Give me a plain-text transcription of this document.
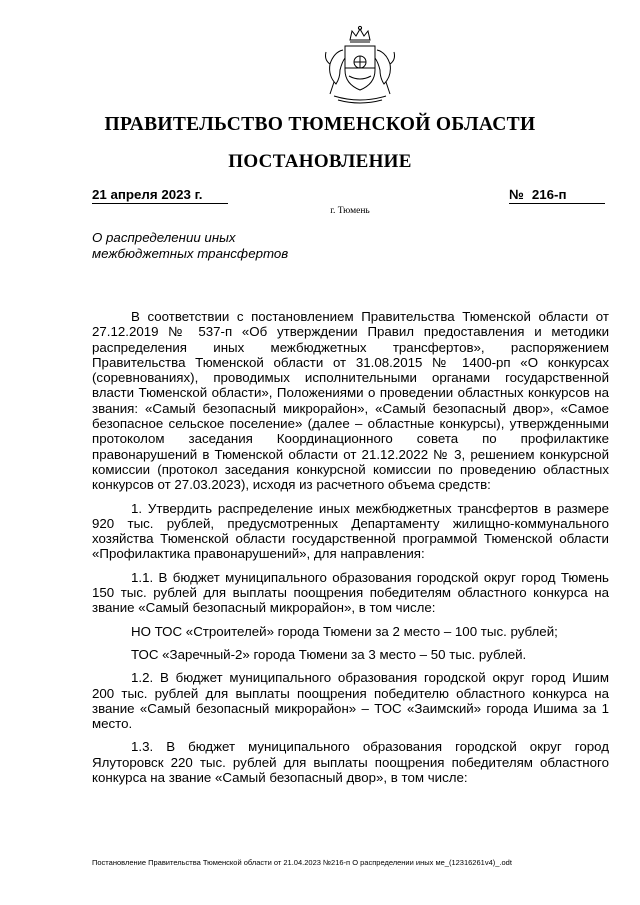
ПРАВИТЕЛЬСТВО ТЮМЕНСКОЙ ОБЛАСТИ
ПОСТАНОВЛЕНИЕ
21 апреля 2023 г.	№ 216-п
г. Тюмень
О распределении иных
межбюджетных трансфертов

В соответствии с постановлением Правительства Тюменской области от 27.12.2019 № 537-п «Об утверждении Правил предоставления и методики распределения иных межбюджетных трансфертов», распоряжением Правительства Тюменской области от 31.08.2015 № 1400-рп «О конкурсах (соревнованиях), проводимых исполнительными органами государственной власти Тюменской области», Положениями о проведении областных конкурсов на звания: «Самый безопасный микрорайон», «Самый безопасный двор», «Самое безопасное сельское поселение» (далее – областные конкурсы), утвержденными протоколом заседания Координационного совета по профилактике правонарушений в Тюменской области от 21.12.2022 № 3, решением конкурсной комиссии (протокол заседания конкурсной комиссии по проведению областных конкурсов от 27.03.2023), исходя из расчетного объема средств:

1. Утвердить распределение иных межбюджетных трансфертов в размере 920 тыс. рублей, предусмотренных Департаменту жилищно-коммунального хозяйства Тюменской области государственной программой Тюменской области «Профилактика правонарушений», для направления:

1.1. В бюджет муниципального образования городской округ город Тюмень 150 тыс. рублей для выплаты поощрения победителям областного конкурса на звание «Самый безопасный микрорайон», в том числе:

НО ТОС «Строителей» города Тюмени за 2 место – 100 тыс. рублей;

ТОС «Заречный-2» города Тюмени за 3 место – 50 тыс. рублей.

1.2. В бюджет муниципального образования городской округ город Ишим 200 тыс. рублей для выплаты поощрения победителю областного конкурса на звание «Самый безопасный микрорайон» – ТОС «Заимский» города Ишима за 1 место.

1.3. В бюджет муниципального образования городской округ город Ялуторовск 220 тыс. рублей для выплаты поощрения победителям областного конкурса на звание «Самый безопасный двор», в том числе:

Постановление Правительства Тюменской области от 21.04.2023 №216-п О распределении иных ме_(12316261v4)_.odt
